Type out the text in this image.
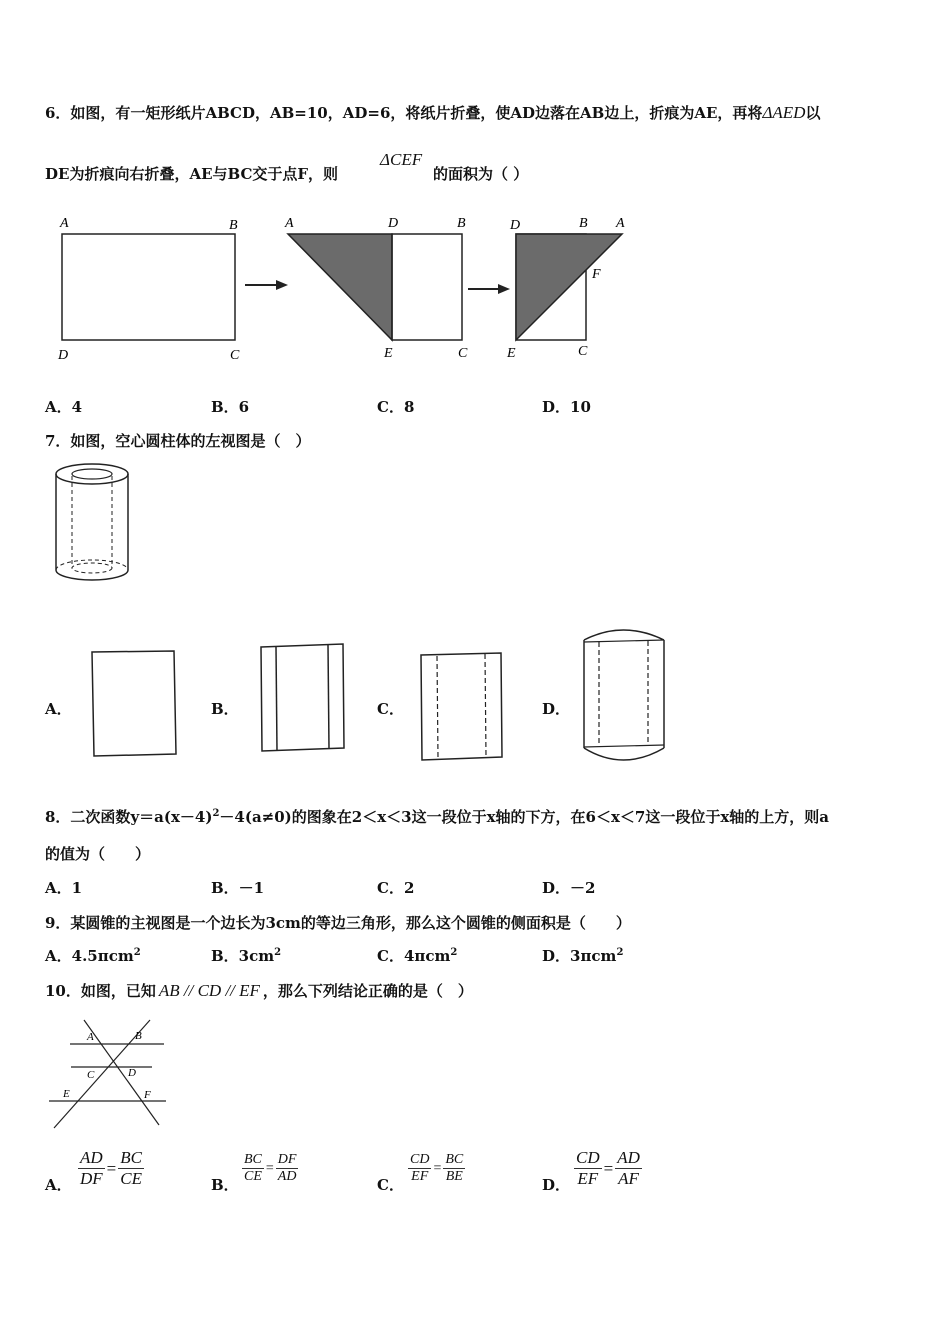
6．如图，有一矩形纸片ABCD，AB=10，AD=6，将纸片折叠，使AD边落在AB边上，折痕为AE，再将ΔAED以
DE为折痕向右折叠，AE与BC交于点F，则
ΔCEF
的面积为（ ）
A	B
D	C
A	D	B
E	C
D	B A
F
E	C
A．4	B．6	C．8	D．10
7．如图，空心圆柱体的左视图是（　）
A．	B．	C．	D．
8．二次函数$y=a(x-4)^2-4(a\ne 0)$的图象在2＜x＜3这一段位于x轴的下方，在6＜x＜7这一段位于x轴的上方，则a
的值为（　　）
A．1	B．－1	C．2	D．－2
9．某圆锥的主视图是一个边长为3cm的等边三角形，那么这个圆锥的侧面积是（　　）
A．4.5πcm$^2$	B．$3cm^2$	C．4πcm$^2$	D．3πcm$^2$
10．如图，已知 AB // CD // EF ，那么下列结论正确的是（　）
A	B
C	D
E	F
A． $\frac{AD}{DF} = \frac{BC}{CE}$	B． $\frac{BC}{CE} = \frac{DF}{AD}$	C． $\frac{CD}{EF} = \frac{BC}{BE}$	D． $\frac{CD}{EF} = \frac{AD}{AF}$
